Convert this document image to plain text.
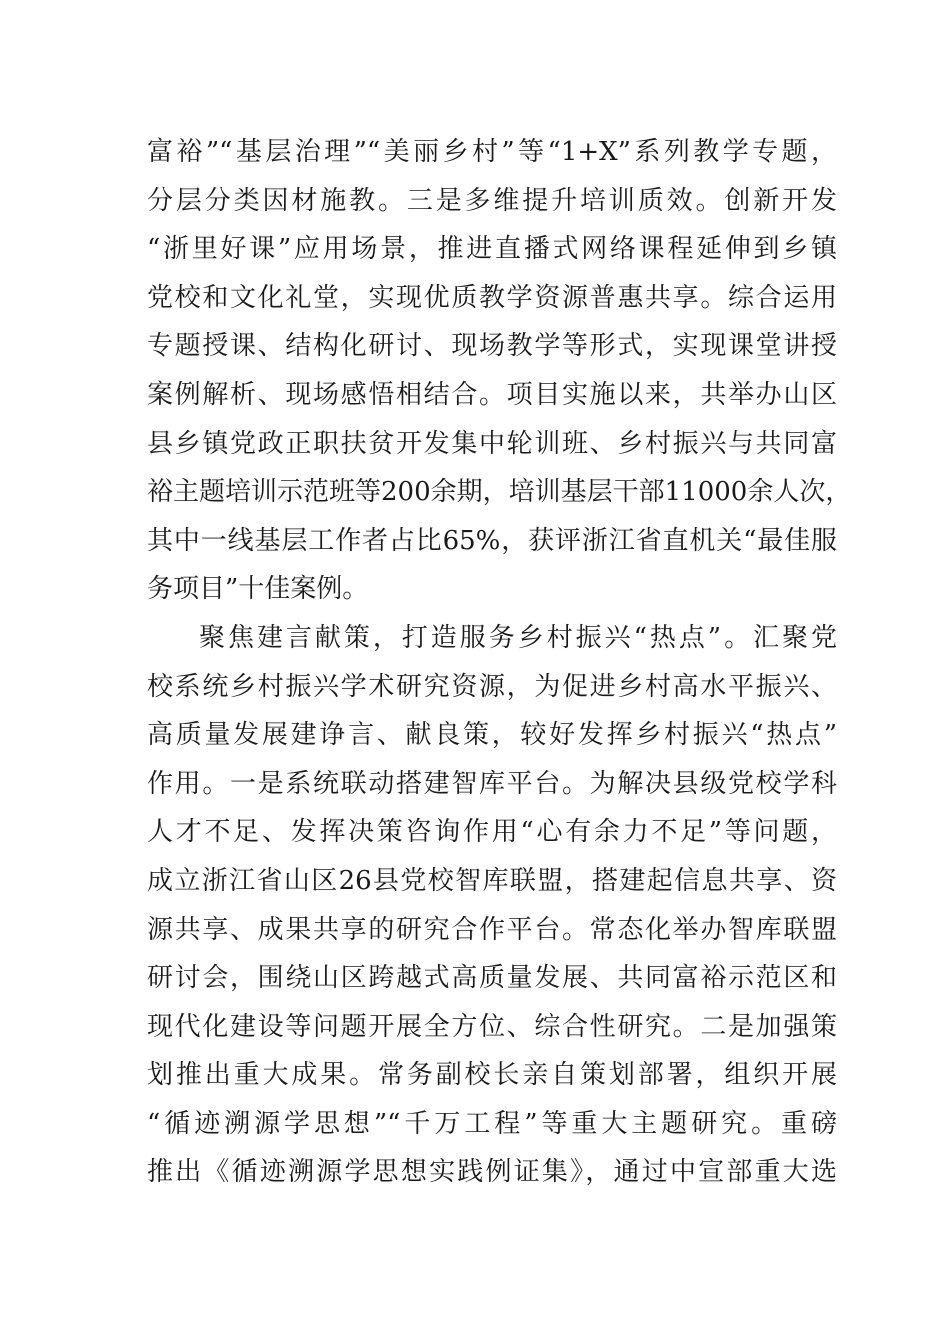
富裕”“基层治理”“美丽乡村”等“1+X”系列教学专题，
分层分类因材施教。三是多维提升培训质效。创新开发
“浙里好课”应用场景，推进直播式网络课程延伸到乡镇
党校和文化礼堂，实现优质教学资源普惠共享。综合运用
专题授课、结构化研讨、现场教学等形式，实现课堂讲授
案例解析、现场感悟相结合。项目实施以来，共举办山区
县乡镇党政正职扶贫开发集中轮训班、乡村振兴与共同富
裕主题培训示范班等200余期，培训基层干部11000余人次，
其中一线基层工作者占比65%，获评浙江省直机关“最佳服
务项目”十佳案例。
聚焦建言献策，打造服务乡村振兴“热点”。汇聚党
校系统乡村振兴学术研究资源，为促进乡村高水平振兴、
高质量发展建诤言、献良策，较好发挥乡村振兴“热点”
作用。一是系统联动搭建智库平台。为解决县级党校学科
人才不足、发挥决策咨询作用“心有余力不足”等问题，
成立浙江省山区26县党校智库联盟，搭建起信息共享、资
源共享、成果共享的研究合作平台。常态化举办智库联盟
研讨会，围绕山区跨越式高质量发展、共同富裕示范区和
现代化建设等问题开展全方位、综合性研究。二是加强策
划推出重大成果。常务副校长亲自策划部署，组织开展
“循迹溯源学思想”“千万工程”等重大主题研究。重磅
推出《循迹溯源学思想实践例证集》，通过中宣部重大选
